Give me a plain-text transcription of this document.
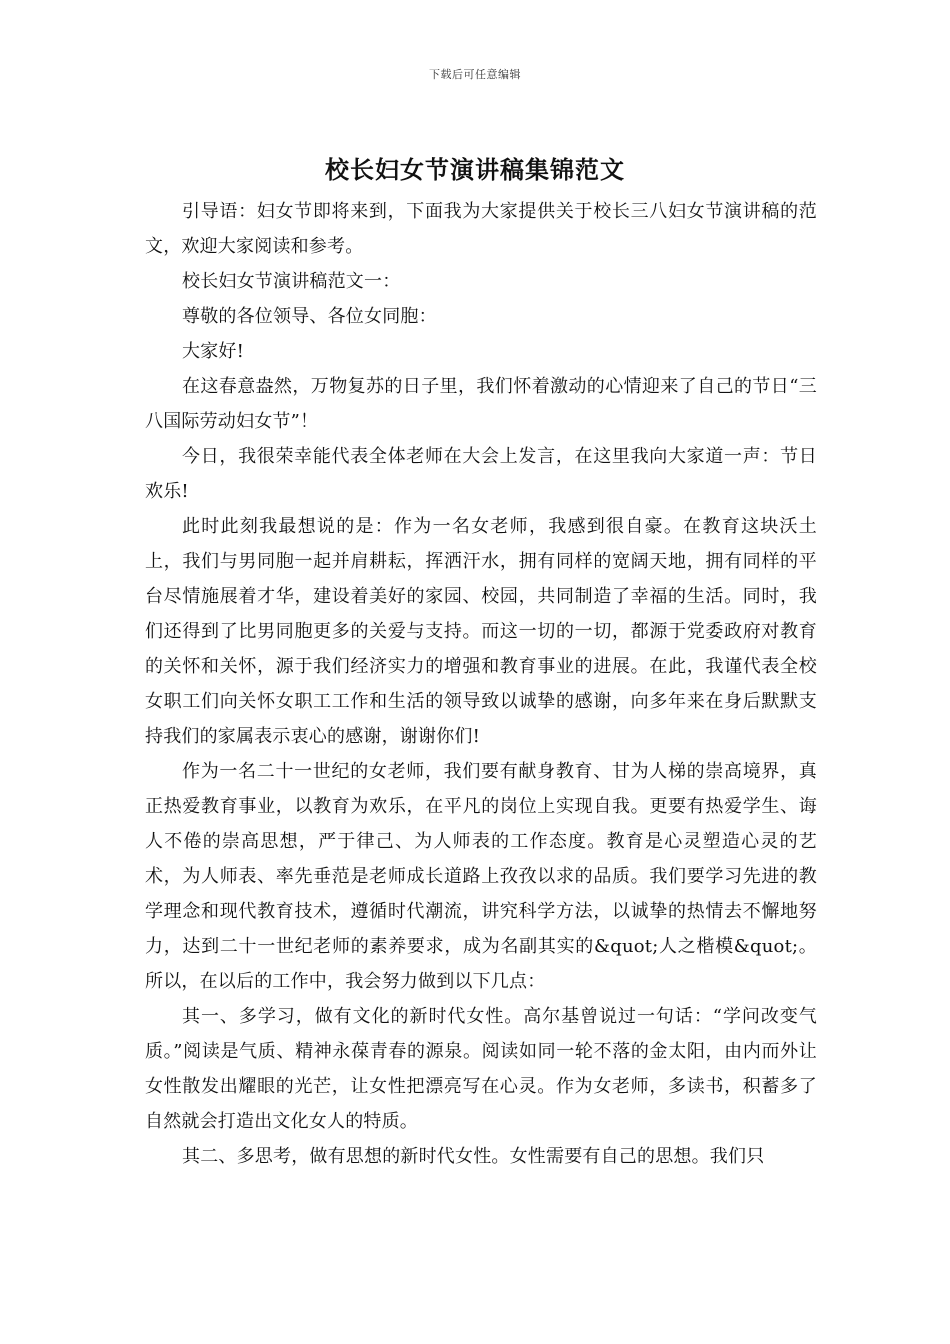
下载后可任意编辑
校长妇女节演讲稿集锦范文

引导语：妇女节即将来到，下面我为大家提供关于校长三八妇女节演讲稿的范文，欢迎大家阅读和参考。

校长妇女节演讲稿范文一：

尊敬的各位领导、各位女同胞：

大家好!

在这春意盎然，万物复苏的日子里，我们怀着激动的心情迎来了自己的节日“三八国际劳动妇女节”！

今日，我很荣幸能代表全体老师在大会上发言，在这里我向大家道一声：节日欢乐!

此时此刻我最想说的是：作为一名女老师，我感到很自豪。在教育这块沃土上，我们与男同胞一起并肩耕耘，挥洒汗水，拥有同样的宽阔天地，拥有同样的平台尽情施展着才华，建设着美好的家园、校园，共同制造了幸福的生活。同时，我们还得到了比男同胞更多的关爱与支持。而这一切的一切，都源于党委政府对教育的关怀和关怀，源于我们经济实力的增强和教育事业的进展。在此，我谨代表全校女职工们向关怀女职工工作和生活的领导致以诚挚的感谢，向多年来在身后默默支持我们的家属表示衷心的感谢，谢谢你们!

作为一名二十一世纪的女老师，我们要有献身教育、甘为人梯的崇高境界，真正热爱教育事业，以教育为欢乐，在平凡的岗位上实现自我。更要有热爱学生、诲人不倦的崇高思想，严于律己、为人师表的工作态度。教育是心灵塑造心灵的艺术，为人师表、率先垂范是老师成长道路上孜孜以求的品质。我们要学习先进的教学理念和现代教育技术，遵循时代潮流，讲究科学方法，以诚挚的热情去不懈地努力，达到二十一世纪老师的素养要求，成为名副其实的&quot;人之楷模&quot;。所以，在以后的工作中，我会努力做到以下几点：

其一、多学习，做有文化的新时代女性。高尔基曾说过一句话：“学问改变气质。”阅读是气质、精神永葆青春的源泉。阅读如同一轮不落的金太阳，由内而外让女性散发出耀眼的光芒，让女性把漂亮写在心灵。作为女老师，多读书，积蓄多了自然就会打造出文化女人的特质。

其二、多思考，做有思想的新时代女性。女性需要有自己的思想。我们只
